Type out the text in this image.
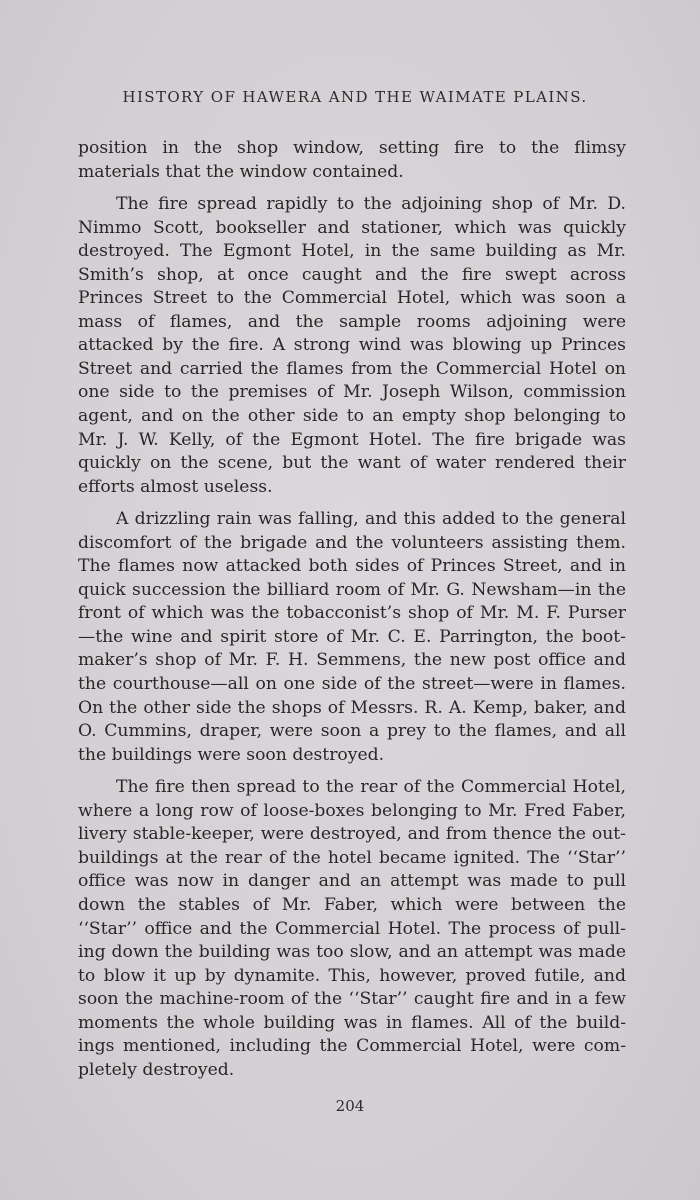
HISTORY OF HAWERA AND THE WAIMATE PLAINS.

position in the shop window, setting fire to the flimsy materials that the window contained.

The fire spread rapidly to the adjoining shop of Mr. D. Nimmo Scott, bookseller and stationer, which was quickly destroyed. The Egmont Hotel, in the same building as Mr. Smith’s shop, at once caught and the fire swept across Princes Street to the Commercial Hotel, which was soon a mass of flames, and the sample rooms adjoining were attacked by the fire. A strong wind was blowing up Princes Street and carried the flames from the Commercial Hotel on one side to the premises of Mr. Joseph Wilson, commission agent, and on the other side to an empty shop belonging to Mr. J. W. Kelly, of the Egmont Hotel. The fire brigade was quickly on the scene, but the want of water rendered their efforts almost useless.

A drizzling rain was falling, and this added to the general discomfort of the brigade and the volunteers assisting them. The flames now attacked both sides of Princes Street, and in quick succession the billiard room of Mr. G. Newsham—in the front of which was the tobacconist’s shop of Mr. M. F. Purser —the wine and spirit store of Mr. C. E. Parrington, the boot-maker’s shop of Mr. F. H. Semmens, the new post office and the courthouse—all on one side of the street—were in flames. On the other side the shops of Messrs. R. A. Kemp, baker, and O. Cummins, draper, were soon a prey to the flames, and all the buildings were soon destroyed.

The fire then spread to the rear of the Commercial Hotel, where a long row of loose-boxes belonging to Mr. Fred Faber, livery stable-keeper, were destroyed, and from thence the out-buildings at the rear of the hotel became ignited. The ‘‘Star’’ office was now in danger and an attempt was made to pull down the stables of Mr. Faber, which were between the ‘‘Star’’ office and the Commercial Hotel. The process of pull-ing down the building was too slow, and an attempt was made to blow it up by dynamite. This, however, proved futile, and soon the machine-room of the ‘‘Star’’ caught fire and in a few moments the whole building was in flames. All of the build-ings mentioned, including the Commercial Hotel, were com-pletely destroyed.

204
